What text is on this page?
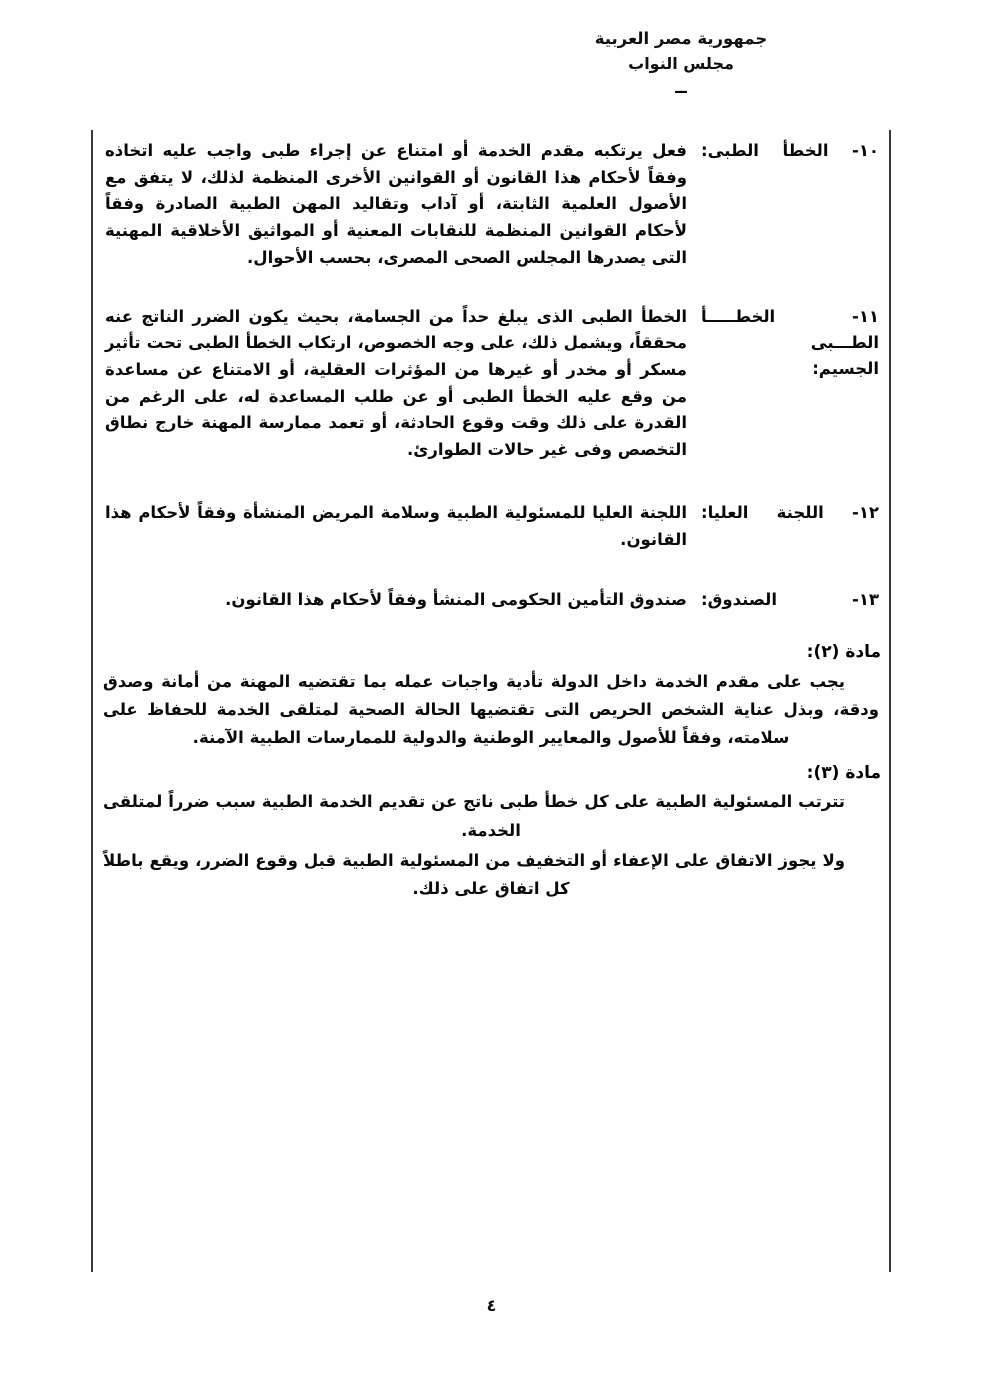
جمهورية مصر العربية
مجلس النواب
ــ
١٠- الخطأ الطبى:
فعل يرتكبه مقدم الخدمة أو امتناع عن إجراء طبى واجب عليه اتخاذه وفقاً لأحكام هذا القانون أو القوانين الأخرى المنظمة لذلك، لا يتفق مع الأصول العلمية الثابتة، أو آداب وتقاليد المهن الطبية الصادرة وفقاً لأحكام القوانين المنظمة للنقابات المعنية أو المواثيق الأخلاقية المهنية التى يصدرها المجلس الصحى المصرى، بحسب الأحوال.
١١- الخطـــــأ الطـــبى
الجسيم:
الخطأ الطبى الذى يبلغ حداً من الجسامة، بحيث يكون الضرر الناتج عنه محققاً، ويشمل ذلك، على وجه الخصوص، ارتكاب الخطأ الطبى تحت تأثير مسكر أو مخدر أو غيرها من المؤثرات العقلية، أو الامتناع عن مساعدة من وقع عليه الخطأ الطبى أو عن طلب المساعدة له، على الرغم من القدرة على ذلك وقت وقوع الحادثة، أو تعمد ممارسة المهنة خارج نطاق التخصص وفى غير حالات الطوارئ.
١٢- اللجنة العليا:
اللجنة العليا للمسئولية الطبية وسلامة المريض المنشأة وفقاً لأحكام هذا القانون.
١٣- الصندوق:
صندوق التأمين الحكومى المنشأ وفقاً لأحكام هذا القانون.
مادة (٢):
يجب على مقدم الخدمة داخل الدولة تأدية واجبات عمله بما تقتضيه المهنة من أمانة وصدق ودقة، وبذل عناية الشخص الحريص التى تقتضيها الحالة الصحية لمتلقى الخدمة للحفاظ على سلامته، وفقاً للأصول والمعايير الوطنية والدولية للممارسات الطبية الآمنة.
مادة (٣):
تترتب المسئولية الطبية على كل خطأ طبى ناتج عن تقديم الخدمة الطبية سبب ضرراً لمتلقى الخدمة.
ولا يجوز الاتفاق على الإعفاء أو التخفيف من المسئولية الطبية قبل وقوع الضرر، ويقع باطلاً كل اتفاق على ذلك.
٤
